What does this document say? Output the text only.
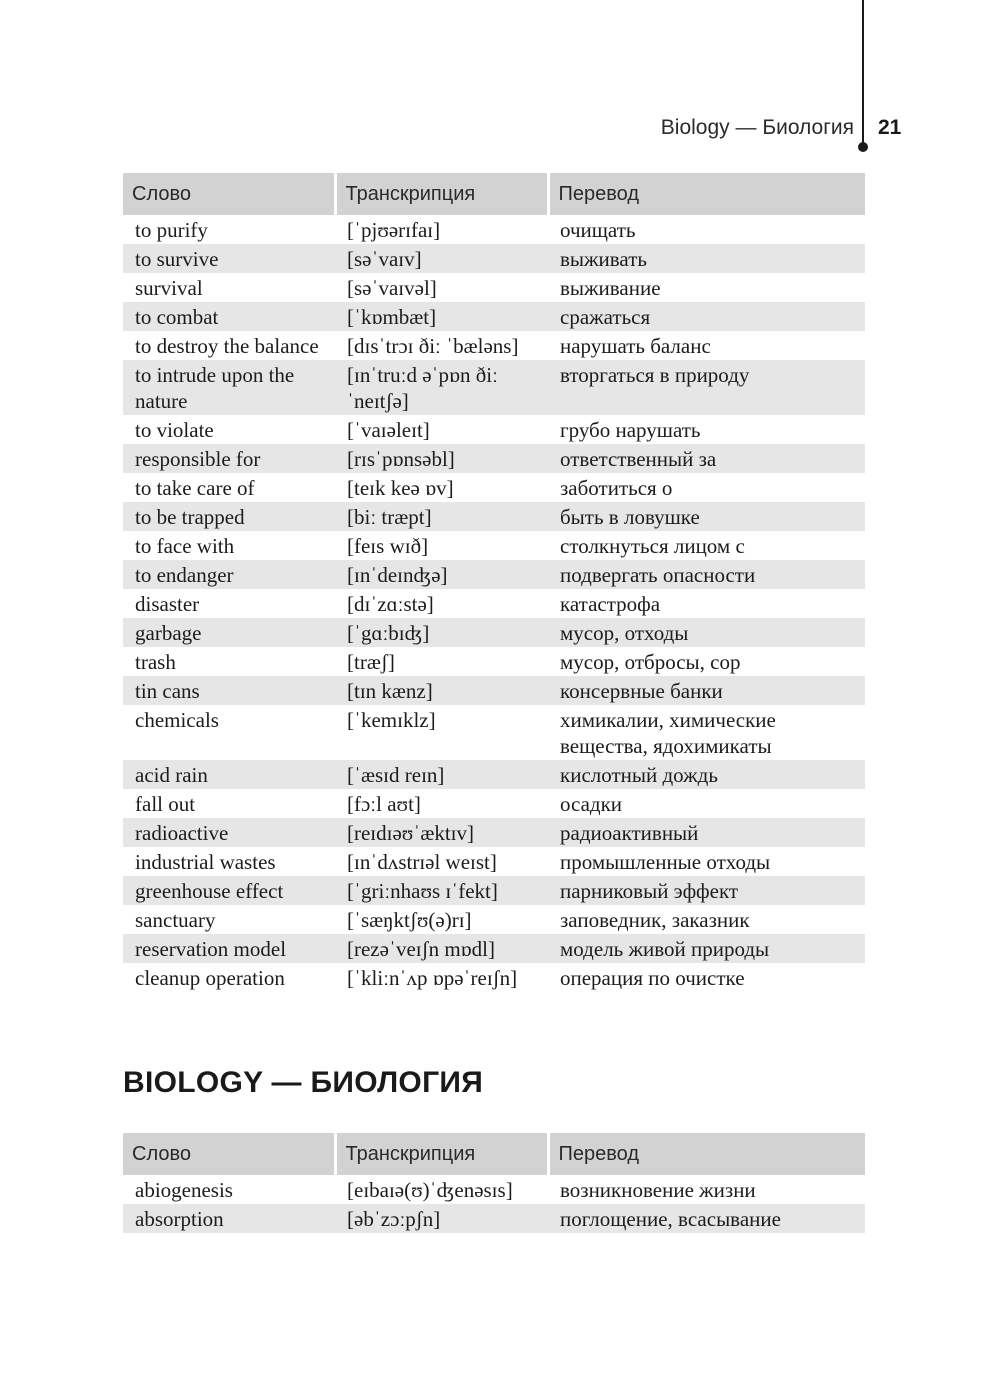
Biology — Биология 21
Слово	Транскрипция	Перевод
to purify	[ˈpjʊərɪfaɪ]	очищать
to survive	[səˈvaɪv]	выживать
survival	[səˈvaɪvəl]	выживание
to combat	[ˈkɒmbæt]	сражаться
to destroy the balance	[dɪsˈtrɔɪ ðiː ˈbæləns]	нарушать баланс
to intrude upon the nature	[ɪnˈtruːd əˈpɒn ðiː ˈneɪtʃə]	вторгаться в природу
to violate	[ˈvaɪəleɪt]	грубо нарушать
responsible for	[rɪsˈpɒnsəbl]	ответственный за
to take care of	[teɪk keə ɒv]	заботиться о
to be trapped	[biː træpt]	быть в ловушке
to face with	[feɪs wɪð]	столкнуться лицом с
to endanger	[ɪnˈdeɪnʤə]	подвергать опасности
disaster	[dɪˈzɑːstə]	катастрофа
garbage	[ˈgɑːbɪʤ]	мусор, отходы
trash	[træʃ]	мусор, отбросы, сор
tin cans	[tɪn kænz]	консервные банки
chemicals	[ˈkemɪklz]	химикалии, химические вещества, ядохимикаты
acid rain	[ˈæsɪd reɪn]	кислотный дождь
fall out	[fɔːl aʊt]	осадки
radioactive	[reɪdɪəʊˈæktɪv]	радиоактивный
industrial wastes	[ɪnˈdʌstrɪəl weɪst]	промышленные отходы
greenhouse effect	[ˈgriːnhaʊs ɪˈfekt]	парниковый эффект
sanctuary	[ˈsæŋktʃʊ(ə)rɪ]	заповедник, заказник
reservation model	[rezəˈveɪʃn mɒdl]	модель живой природы
cleanup operation	[ˈkliːnˈʌp ɒpəˈreɪʃn]	операция по очистке
BIOLOGY — БИОЛОГИЯ
Слово	Транскрипция	Перевод
abiogenesis	[eɪbaɪə(ʊ)ˈʤenəsɪs]	возникновение жизни
absorption	[əbˈzɔːpʃn]	поглощение, всасывание
